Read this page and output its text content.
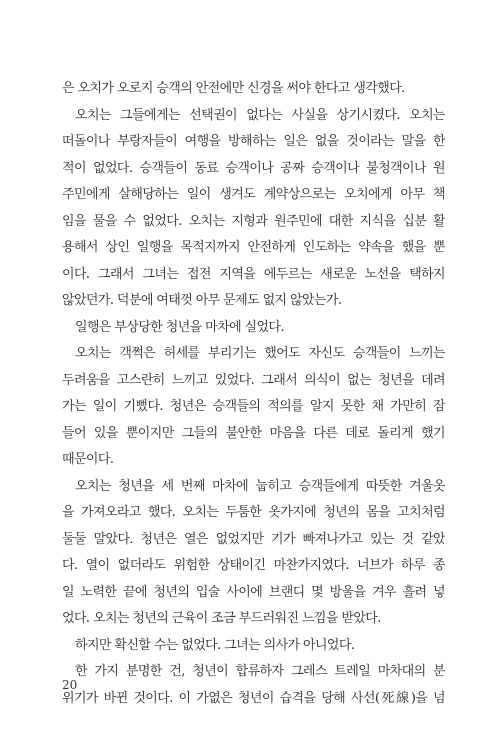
은 오치가 오로지 승객의 안전에만 신경을 써야 한다고 생각했다.
오치는 그들에게는 선택권이 없다는 사실을 상기시켰다. 오치는
떠돌이나 부랑자들이 여행을 방해하는 일은 없을 것이라는 말을 한
적이 없었다. 승객들이 동료 승객이나 공짜 승객이나 불청객이나 원
주민에게 살해당하는 일이 생겨도 계약상으로는 오치에게 아무 책
임을 물을 수 없었다. 오치는 지형과 원주민에 대한 지식을 십분 활
용해서 상인 일행을 목적지까지 안전하게 인도하는 약속을 했을 뿐
이다. 그래서 그녀는 접전 지역을 에두르는 새로운 노선을 택하지
않았던가. 덕분에 여태껏 아무 문제도 없지 않았는가.
일행은 부상당한 청년을 마차에 실었다.
오치는 객쩍은 허세를 부리기는 했어도 자신도 승객들이 느끼는
두려움을 고스란히 느끼고 있었다. 그래서 의식이 없는 청년을 데려
가는 일이 기뻤다. 청년은 승객들의 적의를 알지 못한 채 가만히 잠
들어 있을 뿐이지만 그들의 불안한 마음을 다른 데로 돌리게 했기
때문이다.
오치는 청년을 세 번째 마차에 눕히고 승객들에게 따뜻한 겨울옷
을 가져오라고 했다. 오치는 두툼한 옷가지에 청년의 몸을 고치처럼
둘둘 말았다. 청년은 열은 없었지만 기가 빠져나가고 있는 것 같았
다. 열이 없더라도 위험한 상태이긴 마찬가지였다. 너브가 하루 종
일 노력한 끝에 청년의 입술 사이에 브랜디 몇 방울을 겨우 흘려 넣
었다. 오치는 청년의 근육이 조금 부드러워진 느낌을 받았다.
하지만 확신할 수는 없었다. 그녀는 의사가 아니었다.
한 가지 분명한 건, 청년이 합류하자 그레스 트레일 마차대의 분
위기가 바뀐 것이다. 이 가엾은 청년이 습격을 당해 사선(死線)을 넘
20
